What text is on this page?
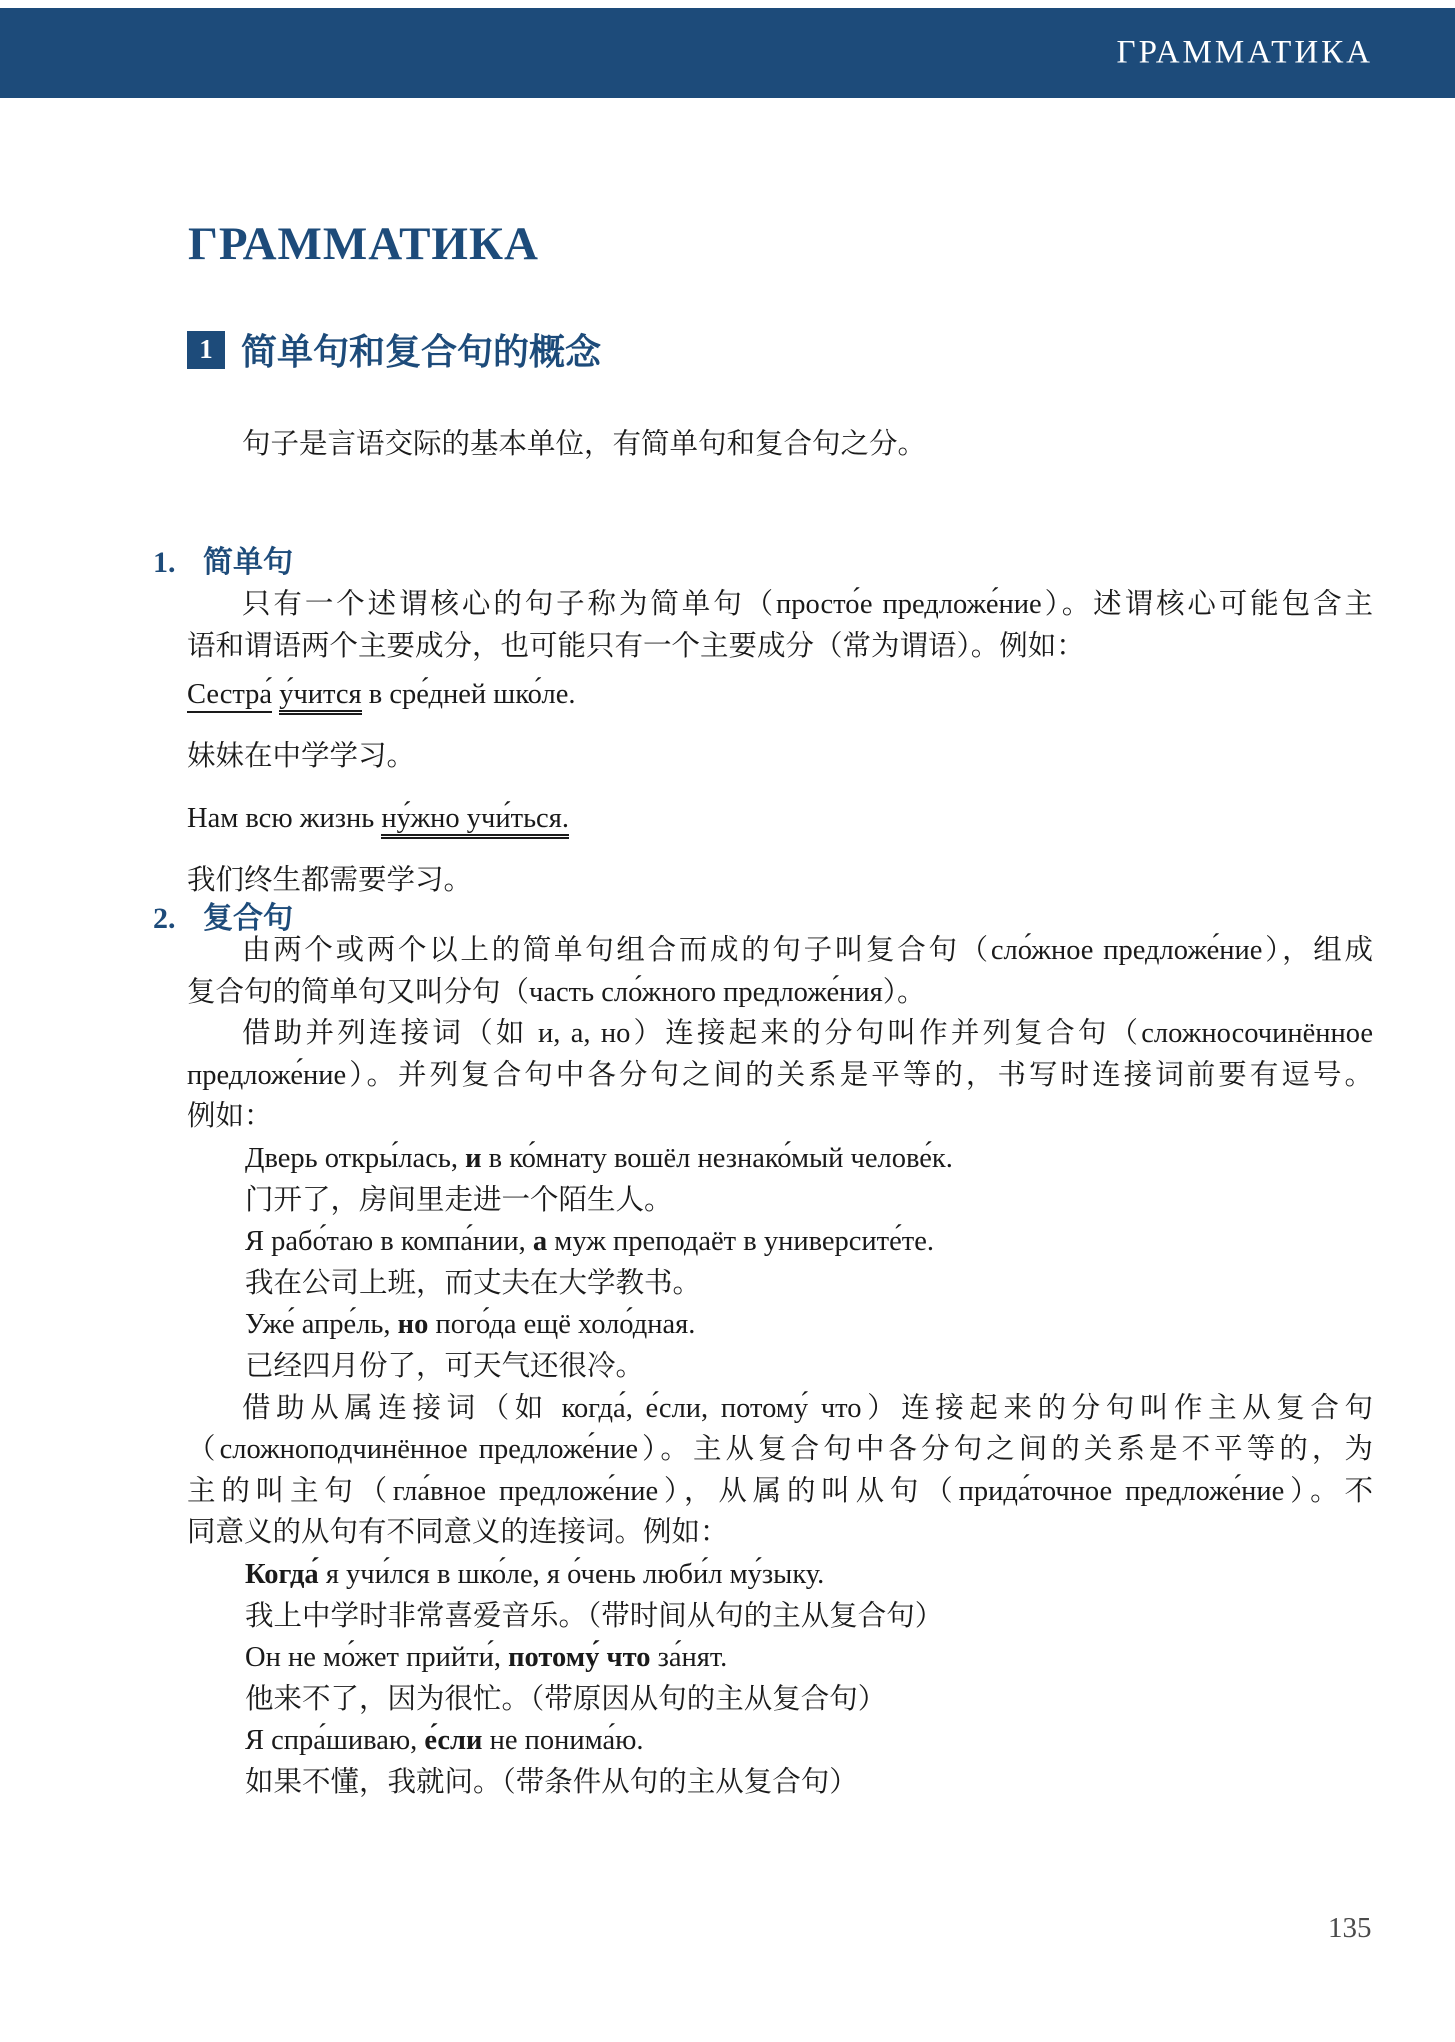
ГРАММАТИКА
ГРАММАТИКА
1 简单句和复合句的概念
句子是言语交际的基本单位，有简单句和复合句之分。
1. 简单句
只有一个述谓核心的句子称为简单句（просто́е предложе́ние）。述谓核心可能包含主
语和谓语两个主要成分，也可能只有一个主要成分（常为谓语）。例如：
Сестра́ у́чится в сре́дней шко́ле.
妹妹在中学学习。
Нам всю жизнь ну́жно учи́ться.
我们终生都需要学习。
2. 复合句
由两个或两个以上的简单句组合而成的句子叫复合句（сло́жное предложе́ние），组成
复合句的简单句又叫分句（часть сло́жного предложе́ния）。
借助并列连接词（如 и, а, но）连接起来的分句叫作并列复合句（сложносочинённое
предложе́ние）。并列复合句中各分句之间的关系是平等的，书写时连接词前要有逗号。
例如：
Дверь откры́лась, и в ко́мнату вошёл незнако́мый челове́к.
门开了，房间里走进一个陌生人。
Я рабо́таю в компа́нии, а муж преподаёт в университе́те.
我在公司上班，而丈夫在大学教书。
Уже́ апре́ль, но пого́да ещё холо́дная.
已经四月份了，可天气还很冷。
借助从属连接词（如 когда́, е́сли, потому́ что）连接起来的分句叫作主从复合句
（сложноподчинённое предложе́ние）。主从复合句中各分句之间的关系是不平等的，为
主的叫主句（гла́вное предложе́ние），从属的叫从句（прида́точное предложе́ние）。不
同意义的从句有不同意义的连接词。例如：
Когда́ я учи́лся в шко́ле, я о́чень люби́л му́зыку.
我上中学时非常喜爱音乐。（带时间从句的主从复合句）
Он не мо́жет прийти́, потому́ что за́нят.
他来不了，因为很忙。（带原因从句的主从复合句）
Я спра́шиваю, е́сли не понима́ю.
如果不懂，我就问。（带条件从句的主从复合句）
135
